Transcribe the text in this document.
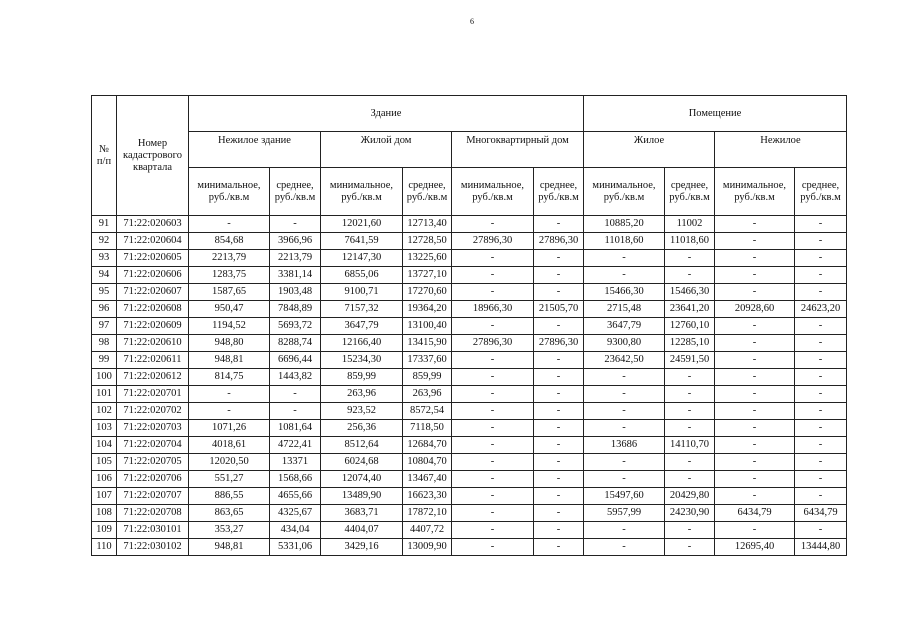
6
№ п/п	Номер кадастрового квартала	Здание						Помещение			
		Нежилое здание		Жилой дом		Многоквартирный дом		Жилое		Нежилое	
		минимальное, руб./кв.м	среднее, руб./кв.м	минимальное, руб./кв.м	среднее, руб./кв.м	минимальное, руб./кв.м	среднее, руб./кв.м	минимальное, руб./кв.м	среднее, руб./кв.м	минимальное, руб./кв.м	среднее, руб./кв.м
91	71:22:020603	-	-	12021,60	12713,40	-	-	10885,20	11002	-	-
92	71:22:020604	854,68	3966,96	7641,59	12728,50	27896,30	27896,30	11018,60	11018,60	-	-
93	71:22:020605	2213,79	2213,79	12147,30	13225,60	-	-	-	-	-	-
94	71:22:020606	1283,75	3381,14	6855,06	13727,10	-	-	-	-	-	-
95	71:22:020607	1587,65	1903,48	9100,71	17270,60	-	-	15466,30	15466,30	-	-
96	71:22:020608	950,47	7848,89	7157,32	19364,20	18966,30	21505,70	2715,48	23641,20	20928,60	24623,20
97	71:22:020609	1194,52	5693,72	3647,79	13100,40	-	-	3647,79	12760,10	-	-
98	71:22:020610	948,80	8288,74	12166,40	13415,90	27896,30	27896,30	9300,80	12285,10	-	-
99	71:22:020611	948,81	6696,44	15234,30	17337,60	-	-	23642,50	24591,50	-	-
100	71:22:020612	814,75	1443,82	859,99	859,99	-	-	-	-	-	-
101	71:22:020701	-	-	263,96	263,96	-	-	-	-	-	-
102	71:22:020702	-	-	923,52	8572,54	-	-	-	-	-	-
103	71:22:020703	1071,26	1081,64	256,36	7118,50	-	-	-	-	-	-
104	71:22:020704	4018,61	4722,41	8512,64	12684,70	-	-	13686	14110,70	-	-
105	71:22:020705	12020,50	13371	6024,68	10804,70	-	-	-	-	-	-
106	71:22:020706	551,27	1568,66	12074,40	13467,40	-	-	-	-	-	-
107	71:22:020707	886,55	4655,66	13489,90	16623,30	-	-	15497,60	20429,80	-	-
108	71:22:020708	863,65	4325,67	3683,71	17872,10	-	-	5957,99	24230,90	6434,79	6434,79
109	71:22:030101	353,27	434,04	4404,07	4407,72	-	-	-	-	-	-
110	71:22:030102	948,81	5331,06	3429,16	13009,90	-	-	-	-	12695,40	13444,80
